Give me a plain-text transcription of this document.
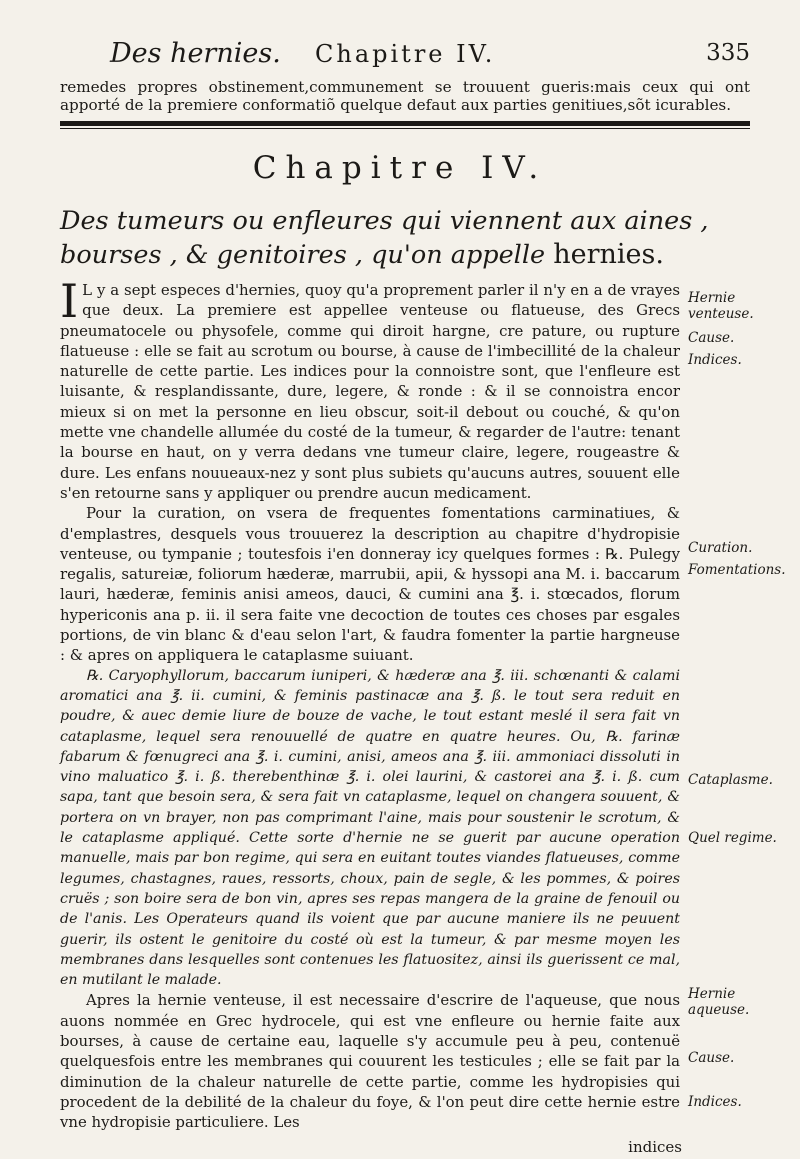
Des hernies. Chapitre IV.	335
remedes propres obstinement,communement se trouuent gueris:mais ceux qui ont apporté de la premiere conformatiõ quelque defaut aux parties genitiues,sõt icurables.
Chapitre IV.
Des tumeurs ou enfleures qui viennent aux aines , bourses , & genitoires , qu'on appelle hernies.

I L y a sept especes d'hernies, quoy qu'a proprement parler il n'y en a de vrayes que deux. La premiere est appellee venteuse ou flatueuse, des Grecs pneumatocele ou physofele, comme qui diroit hargne, cre pature, ou rupture flatueuse : elle se fait au scrotum ou bourse, à cause de l'imbecillité de la chaleur naturelle de cette partie. Les indices pour la connoistre sont, que l'enfleure est luisante, & resplandissante, dure, legere, & ronde : & il se connoistra encor mieux si on met la personne en lieu obscur, soit-il debout ou couché, & qu'on mette vne chandelle allumée du costé de la tumeur, & regarder de l'autre: tenant la bourse en haut, on y verra dedans vne tumeur claire, legere, rougeastre & dure. Les enfans nouueaux-nez y sont plus subiets qu'aucuns autres, souuent elle s'en retourne sans y appliquer ou prendre aucun medicament.

Pour la curation, on vsera de frequentes fomentations carminatiues, & d'emplastres, desquels vous trouuerez la description au chapitre d'hydropisie venteuse, ou tympanie ; toutesfois i'en donneray icy quelques formes : ℞. Pulegy regalis, satureiæ, foliorum hæderæ, marrubii, apii, & hyssopi ana M. i. baccarum lauri, hæderæ, feminis anisi ameos, dauci, & cumini ana ℥. i. stœcados, florum hypericonis ana p. ii. il sera faite vne decoction de toutes ces choses par esgales portions, de vin blanc & d'eau selon l'art, & faudra fomenter la partie hargneuse : & apres on appliquera le cataplasme suiuant.

℞. Caryophyllorum, baccarum iuniperi, & hæderæ ana ℥. iii. schœnanti & calami aromatici ana ℥. ii. cumini, & feminis pastinacæ ana ℥. ß. le tout sera reduit en poudre, & auec demie liure de bouze de vache, le tout estant meslé il sera fait vn cataplasme, lequel sera renouuellé de quatre en quatre heures. Ou, ℞. farinæ fabarum & fœnugreci ana ℥. i. cumini, anisi, ameos ana ℥. iii. ammoniaci dissoluti in vino maluatico ℥. i. ß. therebenthinæ ℥. i. olei laurini, & castorei ana ℥. i. ß. cum sapa, tant que besoin sera, & sera fait vn cataplasme, lequel on changera souuent, & portera on vn brayer, non pas comprimant l'aine, mais pour soustenir le scrotum, & le cataplasme appliqué. Cette sorte d'hernie ne se guerit par aucune operation manuelle, mais par bon regime, qui sera en euitant toutes viandes flatueuses, comme legumes, chastagnes, raues, ressorts, choux, pain de segle, & les pommes, & poires cruës ; son boire sera de bon vin, apres ses repas mangera de la graine de fenouil ou de l'anis. Les Operateurs quand ils voient que par aucune maniere ils ne peuuent guerir, ils ostent le genitoire du costé où est la tumeur, & par mesme moyen les membranes dans lesquelles sont contenues les flatuositez, ainsi ils guerissent ce mal, en mutilant le malade.

Apres la hernie venteuse, il est necessaire d'escrire de l'aqueuse, que nous auons nommée en Grec hydrocele, qui est vne enfleure ou hernie faite aux bourses, à cause de certaine eau, laquelle s'y accumule peu à peu, contenuë quelquesfois entre les membranes qui couurent les testicules ; elle se fait par la diminution de la chaleur naturelle de cette partie, comme les hydropisies qui procedent de la debilité de la chaleur du foye, & l'on peut dire cette hernie estre vne hydropisie particuliere. Les

Hernie venteuse.
Cause.
Indices.
Curation.
Fomentations.
Cataplasme.
Quel regime.
Hernie aqueuse.
Cause.
Indices.
indices
